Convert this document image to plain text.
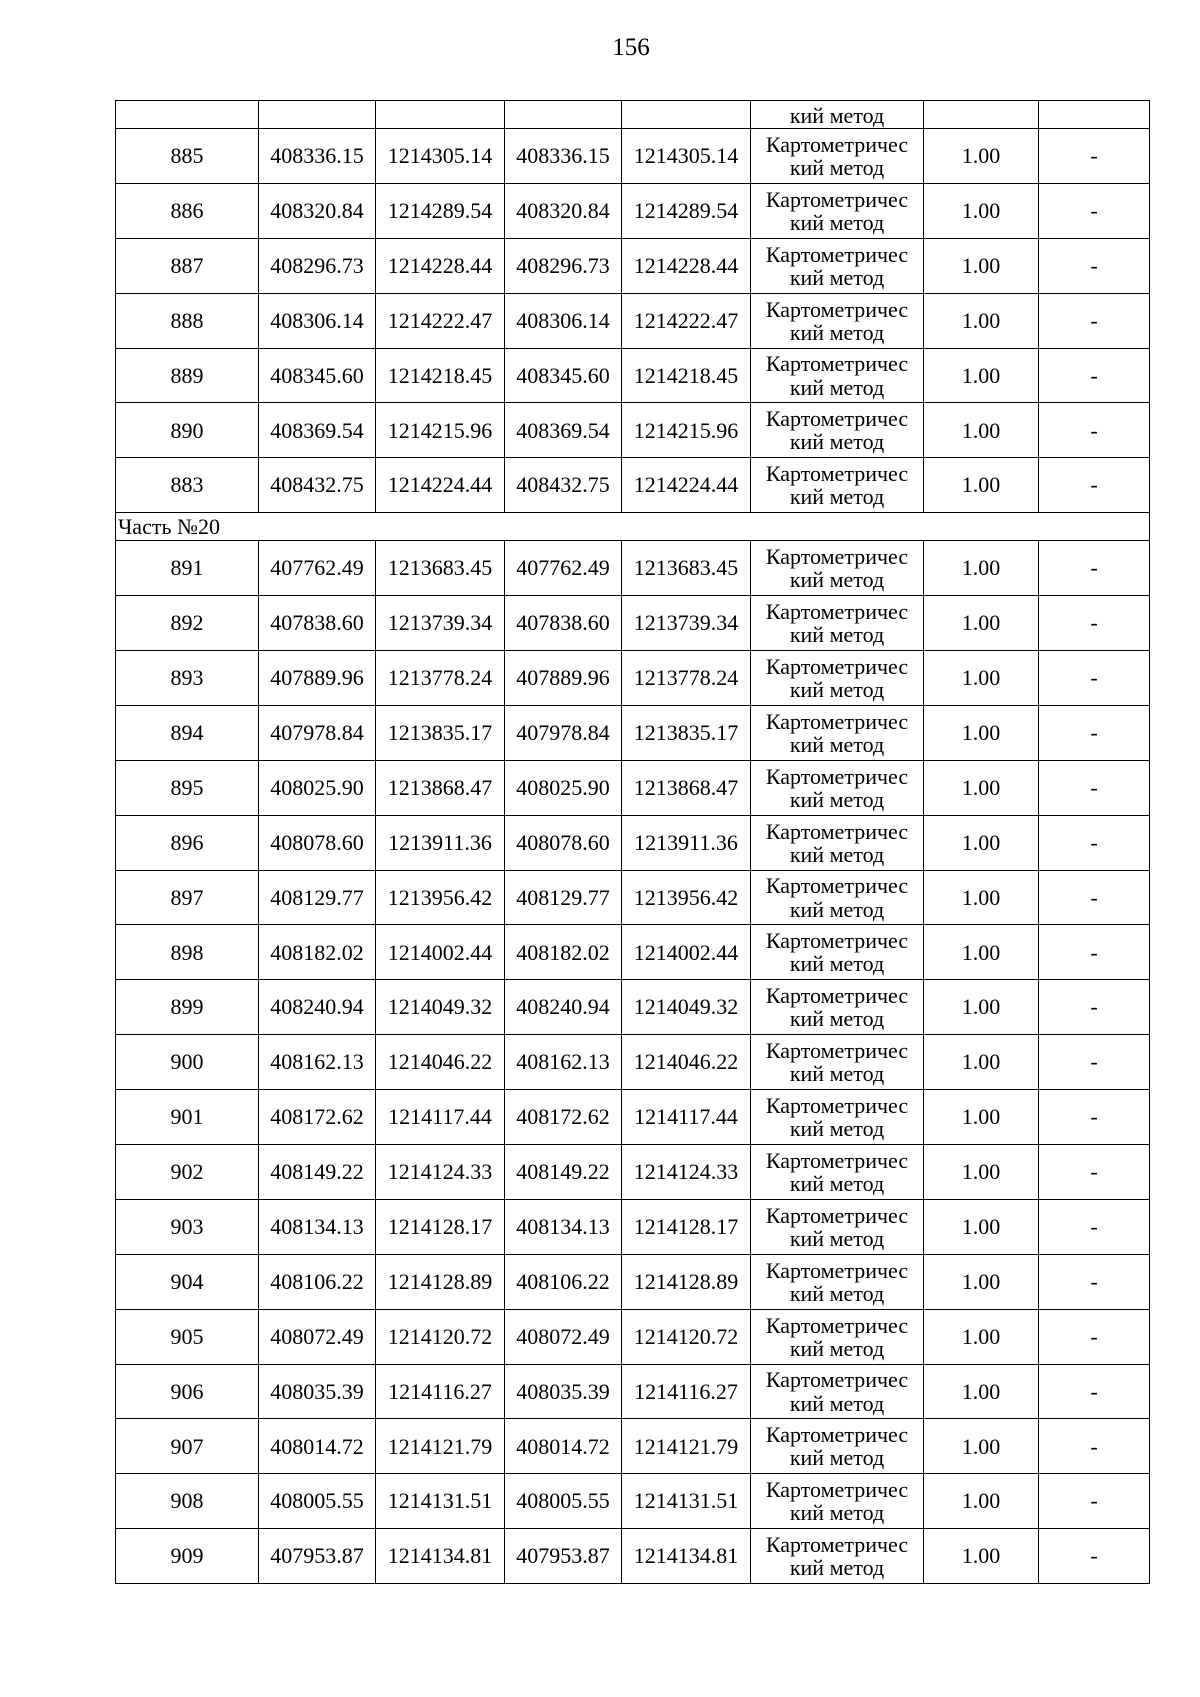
156
					кий метод		
885	408336.15	1214305.14	408336.15	1214305.14	Картометричес
кий метод	1.00	-
886	408320.84	1214289.54	408320.84	1214289.54	Картометричес
кий метод	1.00	-
887	408296.73	1214228.44	408296.73	1214228.44	Картометричес
кий метод	1.00	-
888	408306.14	1214222.47	408306.14	1214222.47	Картометричес
кий метод	1.00	-
889	408345.60	1214218.45	408345.60	1214218.45	Картометричес
кий метод	1.00	-
890	408369.54	1214215.96	408369.54	1214215.96	Картометричес
кий метод	1.00	-
883	408432.75	1214224.44	408432.75	1214224.44	Картометричес
кий метод	1.00	-
Часть №20							
891	407762.49	1213683.45	407762.49	1213683.45	Картометричес
кий метод	1.00	-
892	407838.60	1213739.34	407838.60	1213739.34	Картометричес
кий метод	1.00	-
893	407889.96	1213778.24	407889.96	1213778.24	Картометричес
кий метод	1.00	-
894	407978.84	1213835.17	407978.84	1213835.17	Картометричес
кий метод	1.00	-
895	408025.90	1213868.47	408025.90	1213868.47	Картометричес
кий метод	1.00	-
896	408078.60	1213911.36	408078.60	1213911.36	Картометричес
кий метод	1.00	-
897	408129.77	1213956.42	408129.77	1213956.42	Картометричес
кий метод	1.00	-
898	408182.02	1214002.44	408182.02	1214002.44	Картометричес
кий метод	1.00	-
899	408240.94	1214049.32	408240.94	1214049.32	Картометричес
кий метод	1.00	-
900	408162.13	1214046.22	408162.13	1214046.22	Картометричес
кий метод	1.00	-
901	408172.62	1214117.44	408172.62	1214117.44	Картометричес
кий метод	1.00	-
902	408149.22	1214124.33	408149.22	1214124.33	Картометричес
кий метод	1.00	-
903	408134.13	1214128.17	408134.13	1214128.17	Картометричес
кий метод	1.00	-
904	408106.22	1214128.89	408106.22	1214128.89	Картометричес
кий метод	1.00	-
905	408072.49	1214120.72	408072.49	1214120.72	Картометричес
кий метод	1.00	-
906	408035.39	1214116.27	408035.39	1214116.27	Картометричес
кий метод	1.00	-
907	408014.72	1214121.79	408014.72	1214121.79	Картометричес
кий метод	1.00	-
908	408005.55	1214131.51	408005.55	1214131.51	Картометричес
кий метод	1.00	-
909	407953.87	1214134.81	407953.87	1214134.81	Картометричес
кий метод	1.00	-
